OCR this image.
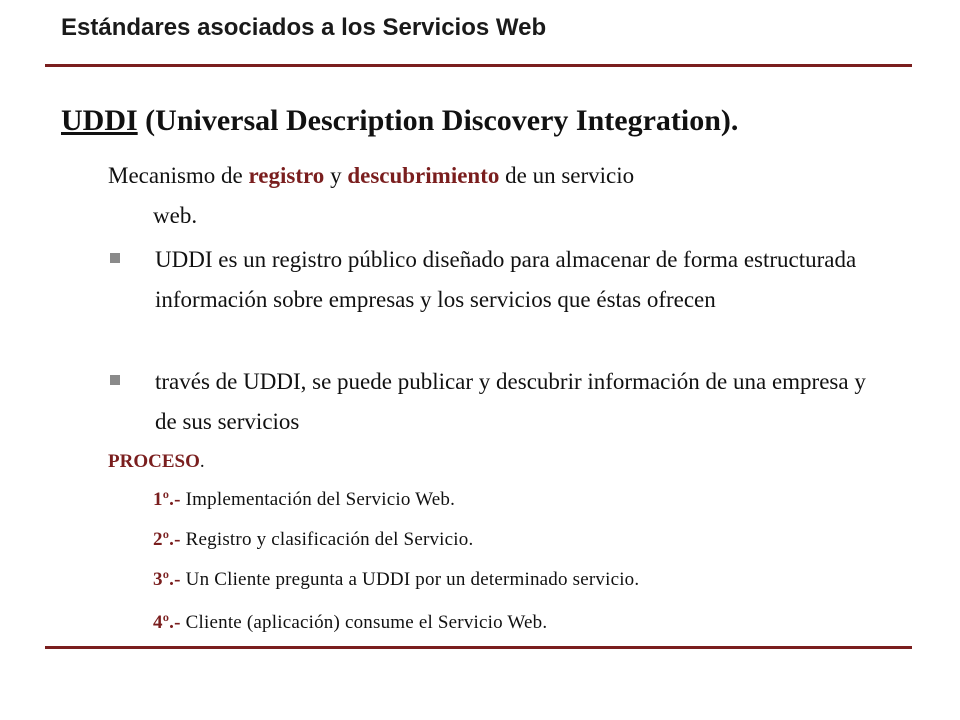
Estándares asociados a los Servicios Web
UDDI (Universal Description Discovery Integration).

Mecanismo de registro y descubrimiento de un servicio
web.

UDDI es un registro público diseñado para almacenar de forma estructurada información sobre empresas y los servicios que éstas ofrecen
través de UDDI, se puede publicar y descubrir información de una empresa y de sus servicios
PROCESO.
1º.- Implementación del Servicio Web.
2º.- Registro y clasificación del Servicio.
3º.- Un Cliente pregunta a UDDI por un determinado servicio.
4º.- Cliente (aplicación) consume el Servicio Web.
